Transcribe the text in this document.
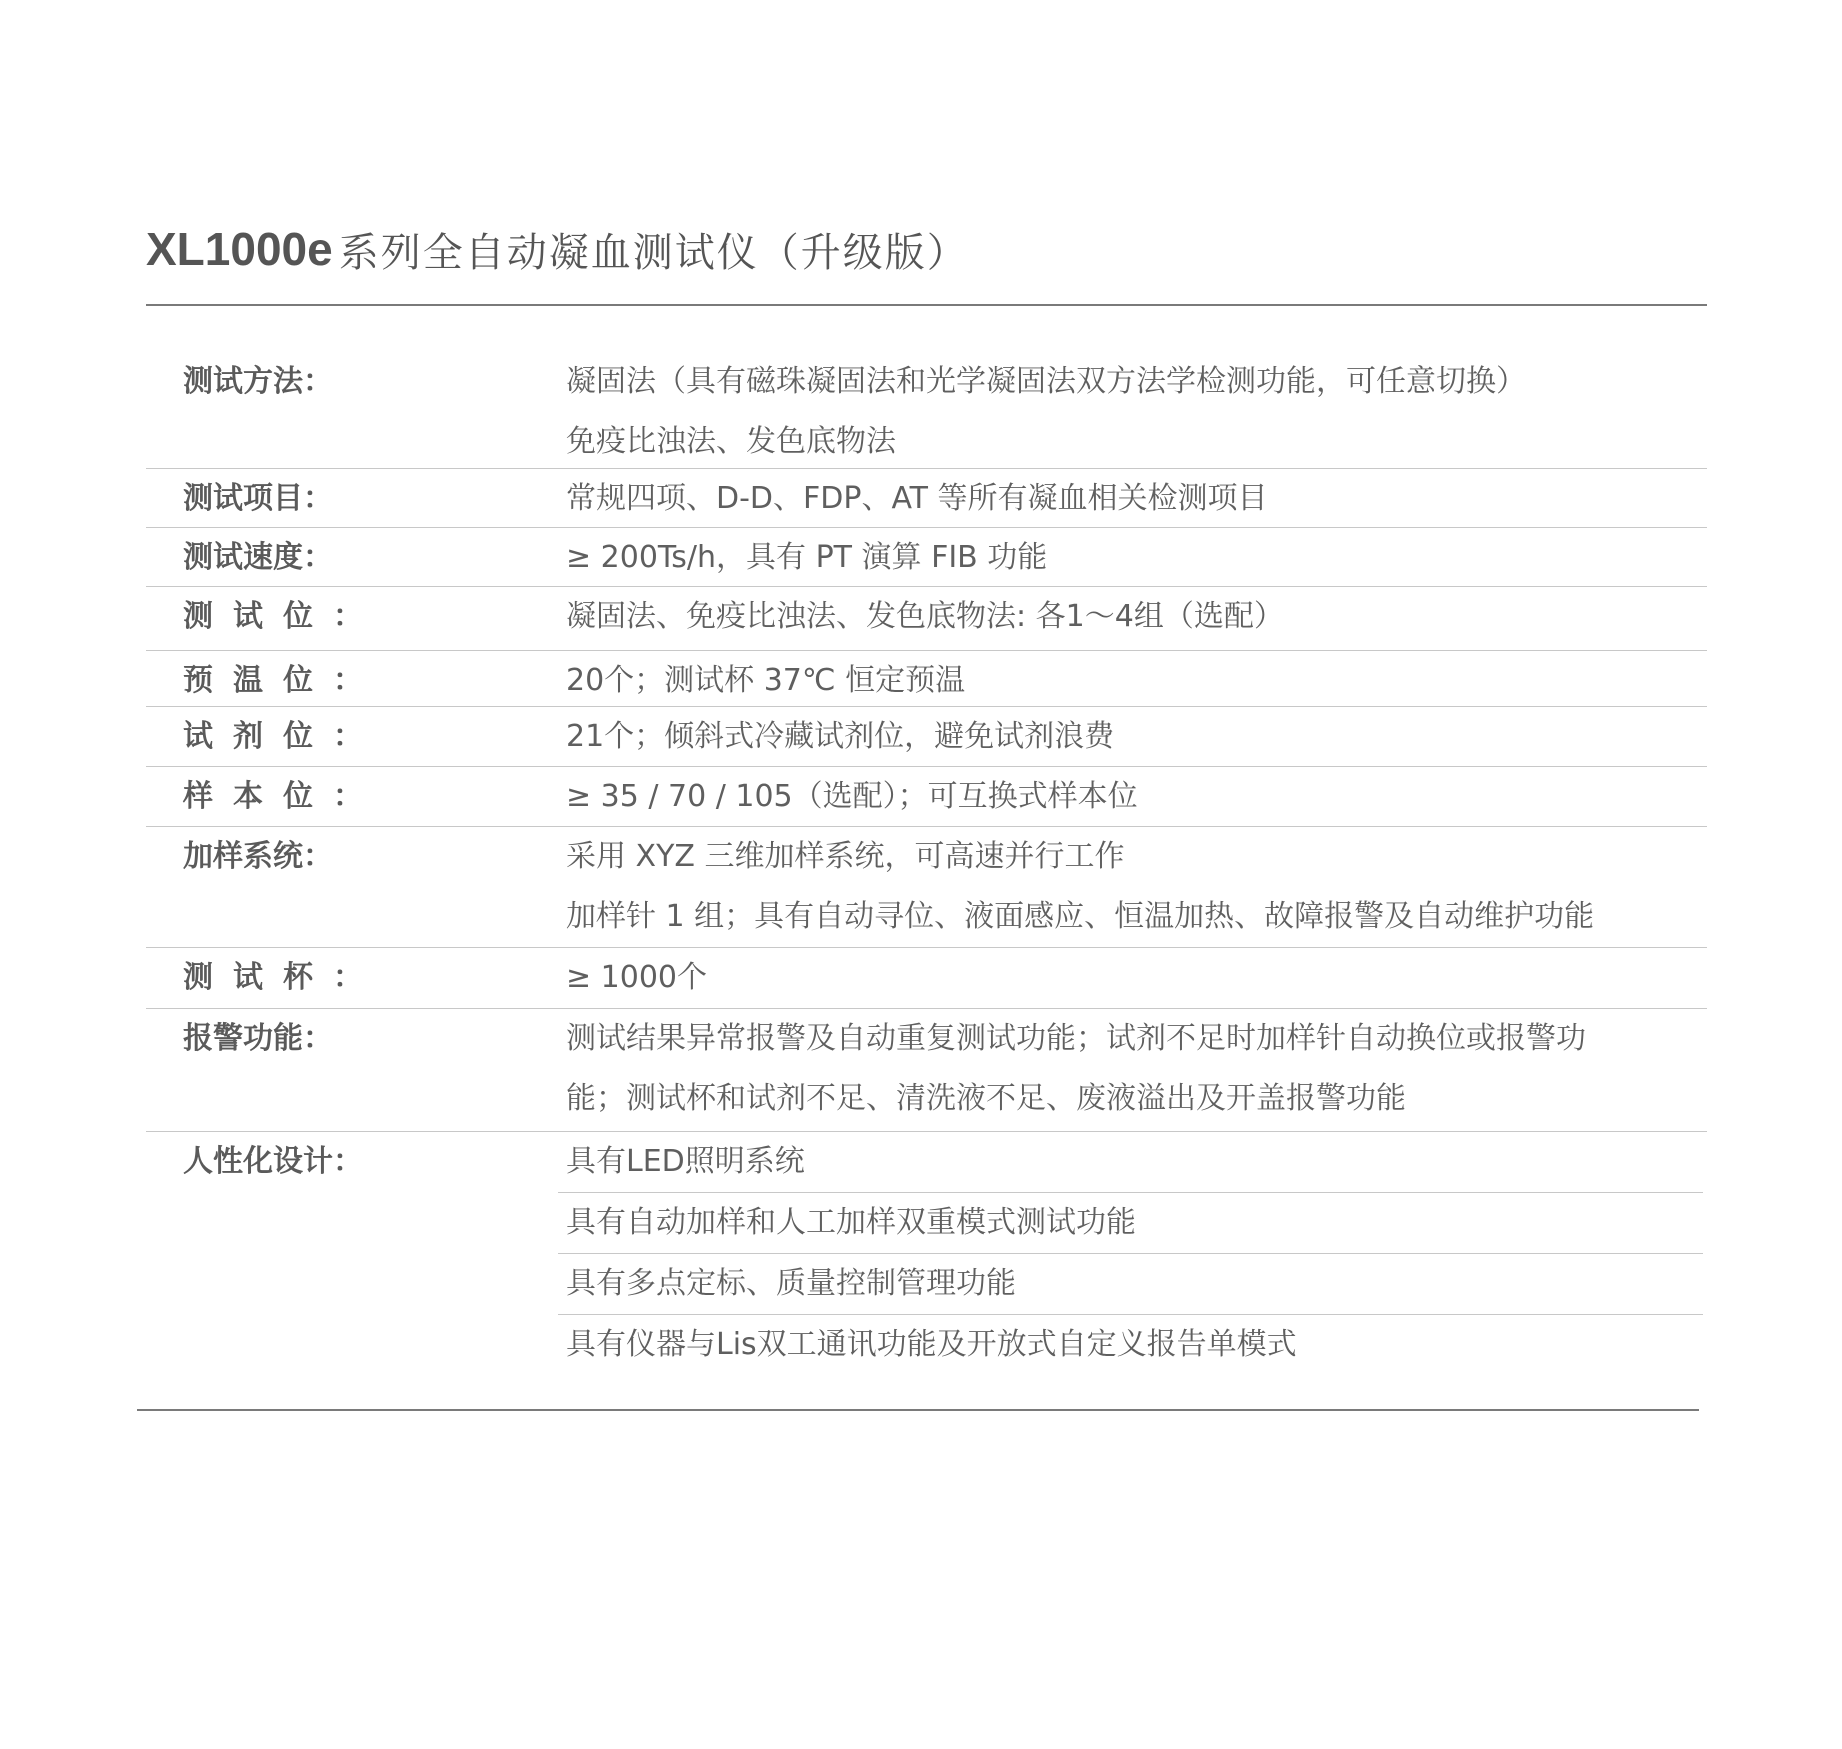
XL1000e 系列全自动凝血测试仪（升级版）
测试方法：	凝固法（具有磁珠凝固法和光学凝固法双方法学检测功能，可任意切换）
免疫比浊法、发色底物法
测试项目：	常规四项、D-D、FDP、AT 等所有凝血相关检测项目
测试速度：	≥ 200Ts/h，具有 PT 演算 FIB 功能
测试位：	凝固法、免疫比浊法、发色底物法: 各1～4组（选配）
预温位：	20个；测试杯 37℃ 恒定预温
试剂位：	21个；倾斜式冷藏试剂位，避免试剂浪费
样本位：	≥ 35 / 70 / 105（选配）；可互换式样本位
加样系统：	采用 XYZ 三维加样系统，可高速并行工作
加样针 1 组；具有自动寻位、液面感应、恒温加热、故障报警及自动维护功能
测试杯：	≥ 1000个
报警功能：	测试结果异常报警及自动重复测试功能；试剂不足时加样针自动换位或报警功
能；测试杯和试剂不足、清洗液不足、废液溢出及开盖报警功能
人性化设计：	具有LED照明系统
具有自动加样和人工加样双重模式测试功能
具有多点定标、质量控制管理功能
具有仪器与Lis双工通讯功能及开放式自定义报告单模式
